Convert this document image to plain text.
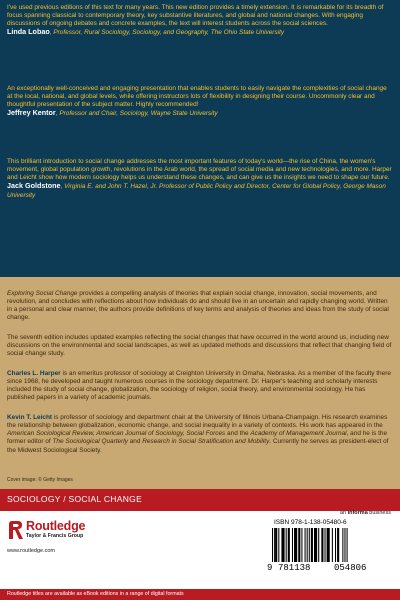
I've used previous editions of this text for many years. This new edition provides a timely extension. It is remarkable for its breadth of focus spanning classical to contemporary theory, key substantive literatures, and global and national changes. With engaging discussions of ongoing debates and concrete examples, the text will interest students across the social sciences.
Linda Lobao, Professor, Rural Sociology, Sociology, and Geography, The Ohio State University

An exceptionally well-conceived and engaging presentation that enables students to easily navigate the complexities of social change at the local, national, and global levels, while offering instructors lots of flexibility in designing their course. Uncommonly clear and thoughtful presentation of the subject matter. Highly recommended!
Jeffrey Kentor, Professor and Chair, Sociology, Wayne State University

This brilliant introduction to social change addresses the most important features of today's world—the rise of China, the women's movement, global population growth, revolutions in the Arab world, the spread of social media and new technologies, and more. Harper and Leicht show how modern sociology helps us understand these changes, and can give us the insights we need to shape our future.
Jack Goldstone, Virginia E. and John T. Hazel, Jr. Professor of Public Policy and Director, Center for Global Policy, George Mason University

Exploring Social Change provides a compelling analysis of theories that explain social change, innovation, social movements, and revolution, and concludes with reflections about how individuals do and should live in an uncertain and rapidly changing world. Written in a personal and clear manner, the authors provide definitions of key terms and analysis of theories and ideas from the study of social change.

The seventh edition includes updated examples reflecting the social changes that have occurred in the world around us, including new discussions on the environmental and social landscapes, as well as updated methods and discussions that reflect that changing field of social change study.

Charles L. Harper is an emeritus professor of sociology at Creighton University in Omaha, Nebraska. As a member of the faculty there since 1968, he developed and taught numerous courses in the sociology department. Dr. Harper's teaching and scholarly interests included the study of social change, globalization, the sociology of religion, social theory, and environmental sociology. He has published papers in a variety of academic journals.

Kevin T. Leicht is professor of sociology and department chair at the University of Illinois Urbana-Champaign. His research examines the relationship between globalization, economic change, and social inequality in a variety of contexts. His work has appeared in the American Sociological Review, American Journal of Sociology, Social Forces and the Academy of Management Journal, and he is the former editor of The Sociological Quarterly and Research in Social Stratification and Mobility. Currently he serves as president-elect of the Midwest Sociological Society.

Cover image: © Getty Images
SOCIOLOGY / SOCIAL CHANGE
Routledge
Taylor & Francis Group
www.routledge.com
an informa business
ISBN 978-1-138-05480-6
9 781138	054806
Routledge titles are available as eBook editions in a range of digital formats
